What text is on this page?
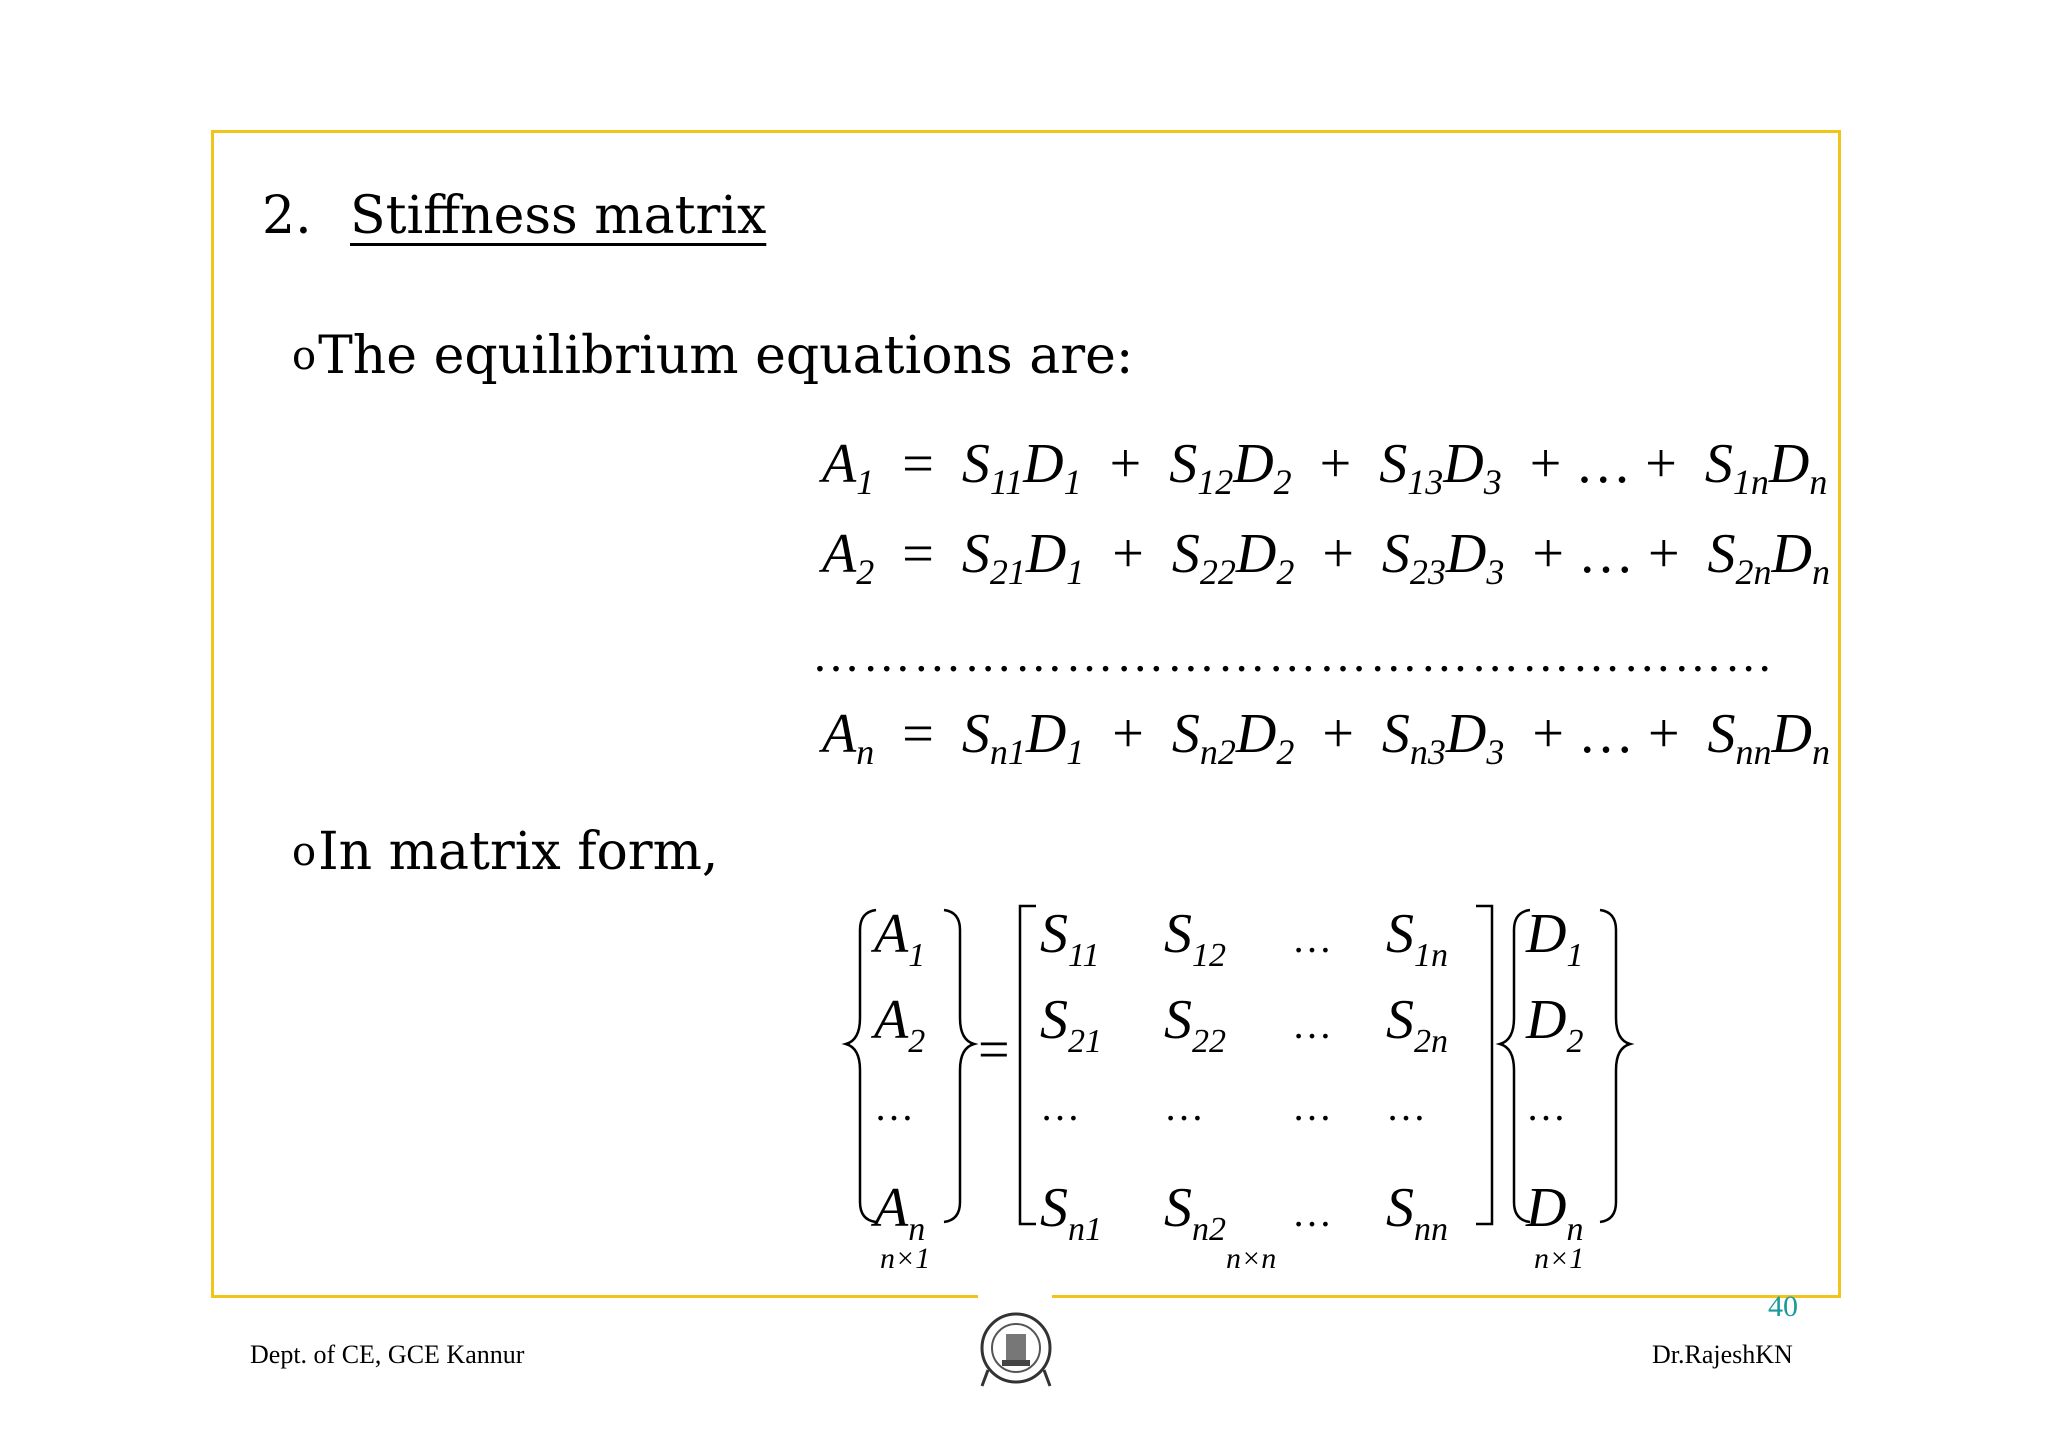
2. Stiffness matrix
oThe equilibrium equations are:
$A_1 = S_{11}D_1 + S_{12}D_2 + S_{13}D_3$ + … + $S_{1n}D_n$
$A_2 = S_{21}D_1 + S_{22}D_2 + S_{23}D_3$ + … + $S_{2n}D_n$
…………………………………………………
$A_n = S_{n1}D_1 + S_{n2}D_2 + S_{n3}D_3$ + … + $S_{nn}D_n$
oIn matrix form,
$A_1$
$A_2$
…
$A_n$
$S_{11}$ $S_{12}$ … $S_{1n}$
$S_{21}$ $S_{22}$ … $S_{2n}$
… … … …
$S_{n1}$ $S_{n2}$ … $S_{nn}$
$D_1$
$D_2$
…
$D_n$
=
n×1	n×n	n×1
40
Dept. of CE, GCE Kannur	Dr.RajeshKN
